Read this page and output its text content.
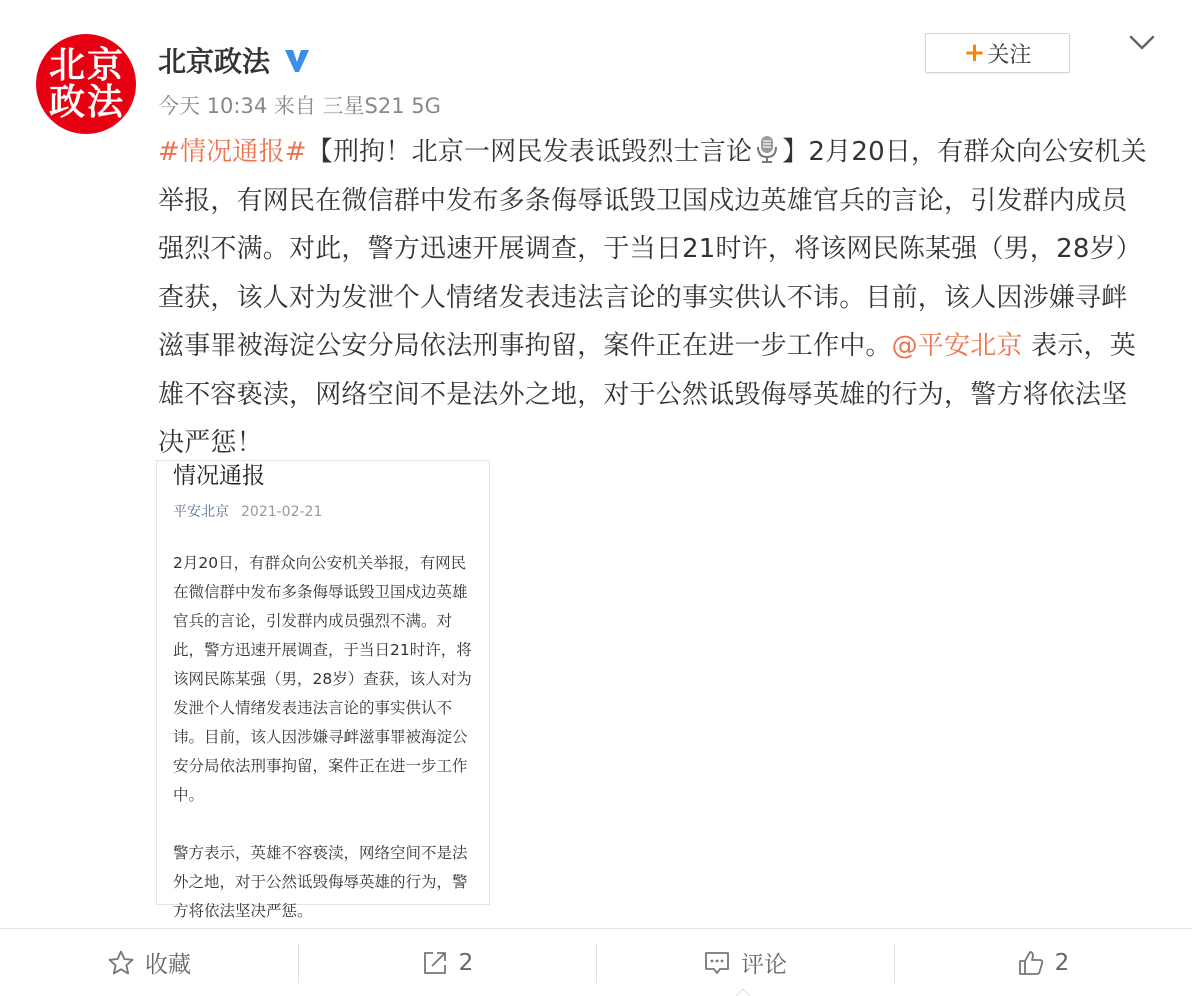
北 京
政 法
北京政法
今天 10:34 来自 三星S21 5G
+ 关注
#情况通报#【刑拘！北京一网民发表诋毁烈士言论 】2月20日，有群众向公安机关举报，有网民在微信群中发布多条侮辱诋毁卫国戍边英雄官兵的言论，引发群内成员强烈不满。对此，警方迅速开展调查，于当日21时许，将该网民陈某强（男，28岁）查获，该人对为发泄个人情绪发表违法言论的事实供认不讳。目前，该人因涉嫌寻衅滋事罪被海淀公安分局依法刑事拘留，案件正在进一步工作中。@平安北京 表示，英雄不容亵渎，网络空间不是法外之地，对于公然诋毁侮辱英雄的行为，警方将依法坚决严惩！
情况通报
平安北京 2021-02-21

2月20日，有群众向公安机关举报，有网民在微信群中发布多条侮辱诋毁卫国戍边英雄官兵的言论，引发群内成员强烈不满。对此，警方迅速开展调查，于当日21时许，将该网民陈某强（男，28岁）查获，该人对为发泄个人情绪发表违法言论的事实供认不讳。目前，该人因涉嫌寻衅滋事罪被海淀公安分局依法刑事拘留，案件正在进一步工作中。

警方表示，英雄不容亵渎，网络空间不是法外之地，对于公然诋毁侮辱英雄的行为，警方将依法坚决严惩。

收藏	2	评论	2
